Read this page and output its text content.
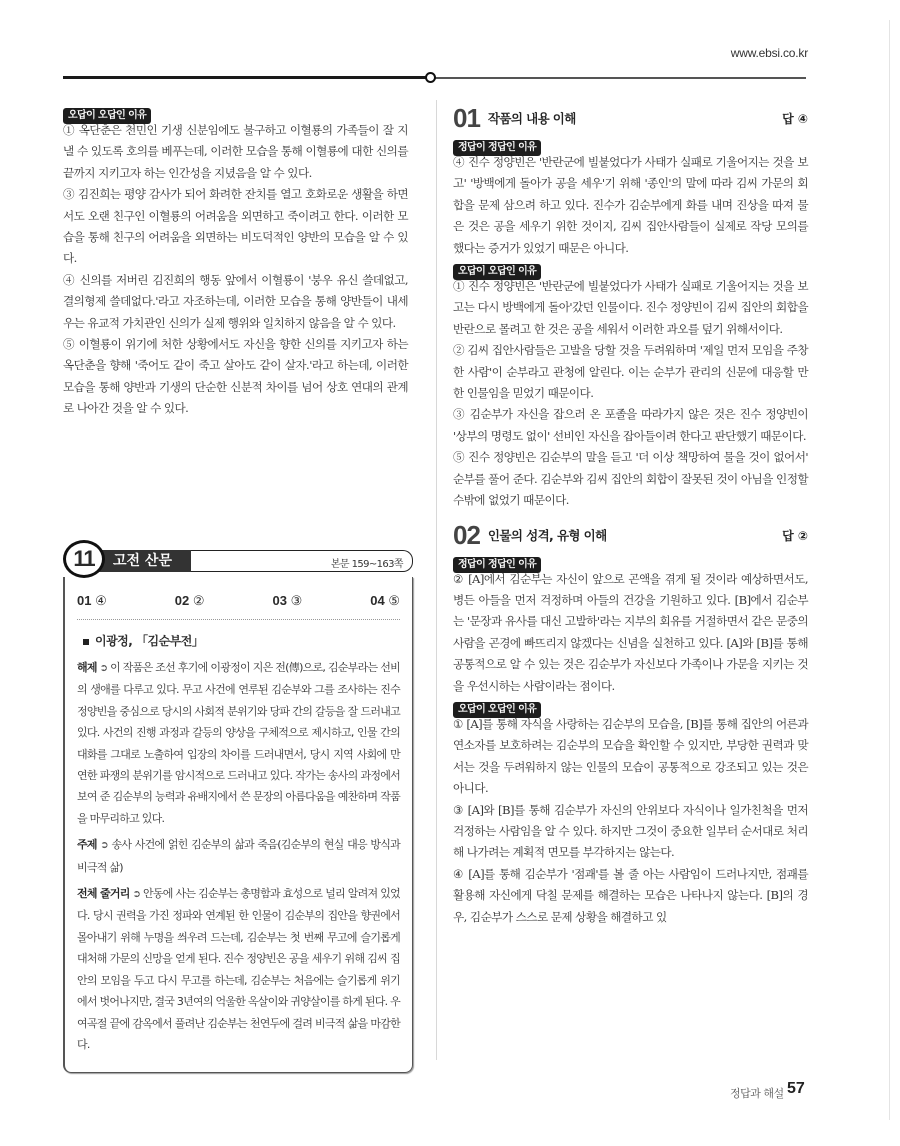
www.ebsi.co.kr
오답이 오답인 이유

① 옥단춘은 천민인 기생 신분임에도 불구하고 이혈룡의 가족들이 잘 지낼 수 있도록 호의를 베푸는데, 이러한 모습을 통해 이혈룡에 대한 신의를 끝까지 지키고자 하는 인간성을 지녔음을 알 수 있다.

③ 김진희는 평양 감사가 되어 화려한 잔치를 열고 호화로운 생활을 하면서도 오랜 친구인 이혈룡의 어려움을 외면하고 죽이려고 한다. 이러한 모습을 통해 친구의 어려움을 외면하는 비도덕적인 양반의 모습을 알 수 있다.

④ 신의를 저버린 김진희의 행동 앞에서 이혈룡이 '붕우 유신 쓸데없고, 결의형제 쓸데없다.'라고 자조하는데, 이러한 모습을 통해 양반들이 내세우는 유교적 가치관인 신의가 실제 행위와 일치하지 않음을 알 수 있다.

⑤ 이혈룡이 위기에 처한 상황에서도 자신을 향한 신의를 지키고자 하는 옥단춘을 향해 '죽어도 같이 죽고 살아도 같이 살자.'라고 하는데, 이러한 모습을 통해 양반과 기생의 단순한 신분적 차이를 넘어 상호 연대의 관계로 나아간 것을 알 수 있다.

11	고전 산문	본문 159~163쪽
01 ④	02 ②	03 ③	04 ⑤
이광정, 「김순부전」

해제 ➲ 이 작품은 조선 후기에 이광정이 지은 전(傳)으로, 김순부라는 선비의 생애를 다루고 있다. 무고 사건에 연루된 김순부와 그를 조사하는 진수 정양빈을 중심으로 당시의 사회적 분위기와 당파 간의 갈등을 잘 드러내고 있다. 사건의 진행 과정과 갈등의 양상을 구체적으로 제시하고, 인물 간의 대화를 그대로 노출하여 입장의 차이를 드러내면서, 당시 지역 사회에 만연한 파쟁의 분위기를 암시적으로 드러내고 있다. 작가는 송사의 과정에서 보여 준 김순부의 능력과 유배지에서 쓴 문장의 아름다움을 예찬하며 작품을 마무리하고 있다.

주제 ➲ 송사 사건에 얽힌 김순부의 삶과 죽음(김순부의 현실 대응 방식과 비극적 삶)

전체 줄거리 ➲ 안동에 사는 김순부는 총명함과 효성으로 널리 알려져 있었다. 당시 권력을 가진 정파와 연계된 한 인물이 김순부의 집안을 향권에서 몰아내기 위해 누명을 씌우려 드는데, 김순부는 첫 번째 무고에 슬기롭게 대처해 가문의 신망을 얻게 된다. 진수 정양빈은 공을 세우기 위해 김씨 집안의 모임을 두고 다시 무고를 하는데, 김순부는 처음에는 슬기롭게 위기에서 벗어나지만, 결국 3년여의 억울한 옥살이와 귀양살이를 하게 된다. 우여곡절 끝에 감옥에서 풀려난 김순부는 천연두에 걸려 비극적 삶을 마감한다.

01 작품의 내용 이해	답 ④
정답이 정답인 이유

④ 진수 정양빈은 '반란군에 빌붙었다가 사태가 실패로 기울어지는 것을 보고' '방백에게 돌아가 공을 세우'기 위해 '종인'의 말에 따라 김씨 가문의 회합을 문제 삼으려 하고 있다. 진수가 김순부에게 화를 내며 진상을 따져 물은 것은 공을 세우기 위한 것이지, 김씨 집안사람들이 실제로 작당 모의를 했다는 증거가 있었기 때문은 아니다.

오답이 오답인 이유

① 진수 정양빈은 '반란군에 빌붙었다가 사태가 실패로 기울어지는 것을 보고는 다시 방백에게 돌아'갔던 인물이다. 진수 정양빈이 김씨 집안의 회합을 반란으로 몰려고 한 것은 공을 세워서 이러한 과오를 덮기 위해서이다.

② 김씨 집안사람들은 고발을 당할 것을 두려워하며 '제일 먼저 모임을 주창한 사람'이 순부라고 관청에 알린다. 이는 순부가 관리의 신문에 대응할 만한 인물임을 믿었기 때문이다.

③ 김순부가 자신을 잡으러 온 포졸을 따라가지 않은 것은 진수 정양빈이 '상부의 명령도 없이' 선비인 자신을 잡아들이려 한다고 판단했기 때문이다.

⑤ 진수 정양빈은 김순부의 말을 듣고 '더 이상 책망하여 물을 것이 없어서' 순부를 풀어 준다. 김순부와 김씨 집안의 회합이 잘못된 것이 아님을 인정할 수밖에 없었기 때문이다.

02 인물의 성격, 유형 이해	답 ②
정답이 정답인 이유

② [A]에서 김순부는 자신이 앞으로 곤액을 겪게 될 것이라 예상하면서도, 병든 아들을 먼저 걱정하며 아들의 건강을 기원하고 있다. [B]에서 김순부는 '문장과 유사를 대신 고발하'라는 지부의 회유를 거절하면서 같은 문중의 사람을 곤경에 빠뜨리지 않겠다는 신념을 실천하고 있다. [A]와 [B]를 통해 공통적으로 알 수 있는 것은 김순부가 자신보다 가족이나 가문을 지키는 것을 우선시하는 사람이라는 점이다.

오답이 오답인 이유

① [A]를 통해 자식을 사랑하는 김순부의 모습을, [B]를 통해 집안의 어른과 연소자를 보호하려는 김순부의 모습을 확인할 수 있지만, 부당한 권력과 맞서는 것을 두려워하지 않는 인물의 모습이 공통적으로 강조되고 있는 것은 아니다.

③ [A]와 [B]를 통해 김순부가 자신의 안위보다 자식이나 일가친척을 먼저 걱정하는 사람임을 알 수 있다. 하지만 그것이 중요한 일부터 순서대로 처리해 나가려는 계획적 면모를 부각하지는 않는다.

④ [A]를 통해 김순부가 '점괘'를 볼 줄 아는 사람임이 드러나지만, 점괘를 활용해 자신에게 닥칠 문제를 해결하는 모습은 나타나지 않는다. [B]의 경우, 김순부가 스스로 문제 상황을 해결하고 있

정답과 해설 57
